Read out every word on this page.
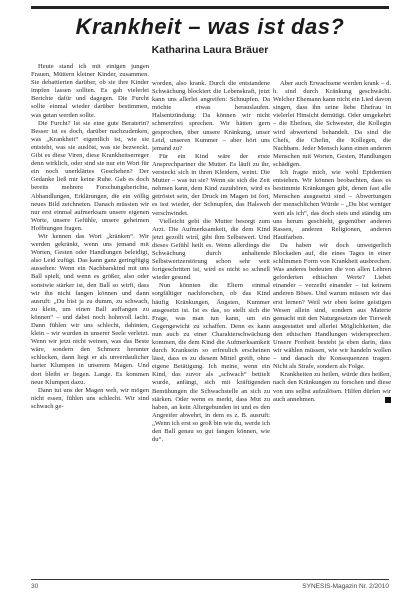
Krankheit – was ist das?
Katharina Laura Bräuer

Heute stand ich mit einigen jungen Frauen, Müttern kleiner Kinder, zusammen. Sie debattierten darüber, ob sie ihre Kinder impfen lassen sollten. Es gab vielerlei Berichte dafür und dagegen. Die Furcht sollte einmal wieder darüber bestimmen, was getan werden sollte.

Die Furcht? Ist sie eine gute Beraterin? Besser ist es doch, darüber nachzudenken, was „Krankheit“ eigentlich ist, wie sie entsteht, was sie auslöst, was sie bezweckt. Gibt es diese Viren, diese Krankheitserreger denn wirklich, oder sind sie nur ein Wort für ein noch unerklärtes Geschehen? Der Gedanke ließ mir keine Ruhe. Gab es doch bereits mehrere Forschungsberichte, Abhandlungen, Erklärungen, die ein völlig neues Bild zeichneten. Danach müssten wir nur erst einmal aufmerksam unsere eigenen Worte, unsere Gefühle, unsere geheimen Hoffnungen fragen.

Wir kennen das Wort „kränken“. Wir werden gekränkt, wenn uns jemand mit Worten, Gesten oder Handlungen beleidigt, also Leid zufügt. Das kann ganz geringfügig aussehen: Wenn ein Nachbarskind mit uns Ball spielt, und wenn es größer, also oder sonstwie stärker ist, den Ball so wirft, dass wir ihn nicht fangen können und dann ausruft: „Du bist ja zu dumm, zu schwach, zu klein, um einen Ball auffangen zu können“ – und dabei noch hohnvoll lacht. Dann fühlen wir uns schlecht, dahinten, klein – wir wurden in unserer Seele verletzt. Wenn wir jetzt nicht weinen, was das Beste wäre, sondern den Schmerz herunter schlucken, dann liegt er als unverdaulicher harter Klumpen in unserem Magen. Und dort bleibt er liegen. Lange. Es kommen neue Klumpen dazu.

Dann tut uns der Magen weh, wir mögen nicht essen, fühlen uns schlecht. Wir sind schwach ge-

worden, also krank. Durch die entstandene Schwächung blockiert die Lebenskraft, jetzt kann uns allerlei angreifen: Schnupfen. Da möchte etwas herauslaufen. Halsentzündung: Da können wir nicht schmerzfrei sprechen. Wir hätten gern gesprochen, über unsere Kränkung, unser Leid, unseren Kummer – aber hört uns jemand zu?

Für ein Kind wäre der erste Ansprechpartner die Mutter. Es läuft zu ihr, versteckt sich in ihren Kleidern, weint. Die Mutter – was tut sie? Wenn sie sich die Zeit nehmen kann, dem Kind zuzuhören, wird es getröstet sein, der Druck im Magen ist fort, es isst wieder, der Schnupfen, das Halsweh verschwindet.

Vielleicht geht die Mutter besorgt zum Arzt. Die Aufmerksamkeit, die dem Kind jetzt gezollt wird, gibt ihm Selbstwert. Und dieses Gefühl heilt es. Wenn allerdings die Schwächung durch anhaltende Selbstwertzerstörung schon sehr weit fortgeschritten ist, wird es nicht so schnell wieder gesund.

Nun könnten die Eltern einmal sorgfältiger nachforschen, ob das Kind häufig Kränkungen, Ängsten, Kummer ausgesetzt ist. Ist es das, so stellt sich die Frage, was man tun kann, um ein Gegengewicht zu schaffen. Denn es kann nun auch zu einer Charakterschwächung kommen, die dem Kind die Aufmerksamkeit durch Kranksein so erfreulich erscheinen lässt, dass es zu diesem Mittel greift, ohne eigene Betätigung. Ich meine, wenn ein Kind, das zuvor als „schwach“ betitelt wurde, anfängt, sich mit kräftigenden Bemühungen die Schwachstelle an sich zu stärken. Oder wenn es merkt, dass Mut zu haben, an kein Altergebunden ist und es den Angreifer abwehrt, in dem es z. B. ausruft: „Wenn ich erst so groß bin wie du, werde ich den Ball genau so gut fangen können, wie du“.

Aber auch Erwachsene werden krank – d. h. sind durch Kränkung geschwächt. Welcher Ehemann kann nicht ein Lied davon singen, dass ihn seine liebe Ehefrau in vielerlei Hinsicht demütigt. Oder umgekehrt – die Ehefrau, die Schwester, die Kollegin wird abwertend behandelt. Da sind die Chefs, die Chefin, die Kollegen, die Nachbarn. Jeder Mensch kann einen anderen Menschen mit Worten, Gesten, Handlungen schädigen.

Ich fragte mich, wie wohl Epidemien entstehen. Wir können beobachten, dass es bestimmte Kränkungen gibt, denen fast alle Menschen ausgesetzt sind – Abwertungen der menschlichen Würde – „Du bist weniger wert als ich“, das doch stets und ständig um uns herum geschieht, gegenüber anderen Rassen, anderen Religionen, anderen Hautfarben.

Da haben wir doch unweigerlich Blockaden auf, die eines Tages in einer schlimmen Form von Krankheit ausbrechen. Was anderes bedeuten die von allen Lehren geforderten ethischen Werte? Liebet einander – verzeiht einander – tut keinem anderen Böses. Und warum müssen wir das erst lernen? Weil wir eben keine geistigen Wesen allein sind, sondern aus Materie gemacht mit den Naturgesetzen der Tierwelt ausgestattet und allerlei Möglichkeiten, die den ethischen Handlungen widersprechen. Unsere Freiheit besteht ja eben darin, dass wir wählen müssen, wie wir handeln wollen – und danach die Konsequenzen tragen. Nicht als Strafe, sondern als Folge.

Krankheiten zu heilen, würde dies heißen, nach den Kränkungen zu forschen und diese von uns selbst aufzulösen. Hilfen dürfen wir auch annehmen.

30	SYNESIS-Magazin Nr. 2/2010
